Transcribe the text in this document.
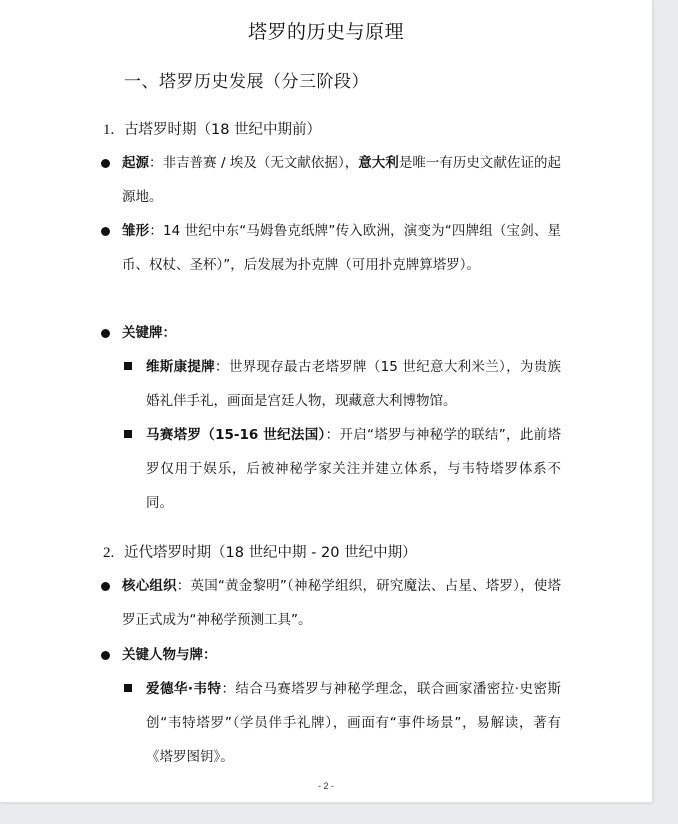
塔罗的历史与原理
一、塔罗历史发展（分三阶段）
1. 古塔罗时期（18 世纪中期前）
起源：非吉普赛 / 埃及（无文献依据），意大利是唯一有历史文献佐证的起源地。
雏形：14 世纪中东“马姆鲁克纸牌”传入欧洲，演变为“四牌组（宝剑、星币、权杖、圣杯）”，后发展为扑克牌（可用扑克牌算塔罗）。
关键牌：
维斯康提牌：世界现存最古老塔罗牌（15 世纪意大利米兰），为贵族婚礼伴手礼，画面是宫廷人物，现藏意大利博物馆。
马赛塔罗（15-16 世纪法国）：开启“塔罗与神秘学的联结”，此前塔罗仅用于娱乐，后被神秘学家关注并建立体系，与韦特塔罗体系不同。
2. 近代塔罗时期（18 世纪中期 - 20 世纪中期）
核心组织：英国“黄金黎明”（神秘学组织，研究魔法、占星、塔罗），使塔罗正式成为“神秘学预测工具”。
关键人物与牌：
爱德华·韦特：结合马赛塔罗与神秘学理念，联合画家潘密拉·史密斯创“韦特塔罗”（学员伴手礼牌），画面有“事件场景”，易解读，著有《塔罗图钥》。
- 2 -
